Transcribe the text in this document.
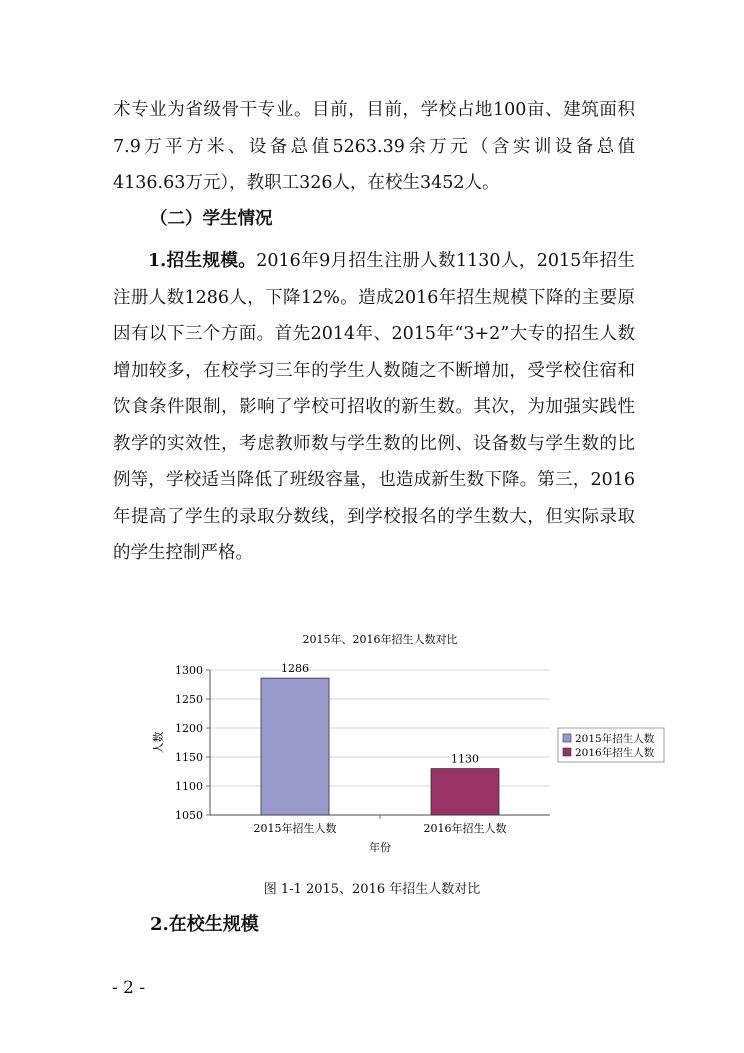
术专业为省级骨干专业。目前，目前，学校占地100亩、建筑面积7.9万平方米、设备总值5263.39余万元（含实训设备总值4136.63万元），教职工326人，在校生3452人。

（二）学生情况

1.招生规模。2016年9月招生注册人数1130人，2015年招生注册人数1286人，下降12%。造成2016年招生规模下降的主要原因有以下三个方面。首先2014年、2015年“3+2”大专的招生人数增加较多，在校学习三年的学生人数随之不断增加，受学校住宿和饮食条件限制，影响了学校可招收的新生数。其次，为加强实践性教学的实效性，考虑教师数与学生数的比例、设备数与学生数的比例等，学校适当降低了班级容量，也造成新生数下降。第三，2016年提高了学生的录取分数线，到学校报名的学生数大，但实际录取的学生控制严格。

2015年、2016年招生人数对比
1050
1100
1150
1200
1250
1300	1286
2015年招生人数
1130
2016年招生人数
年份
人数	2015年招生人数
2016年招生人数
图 1-1 2015、2016 年招生人数对比

2.在校生规模

- 2 -
